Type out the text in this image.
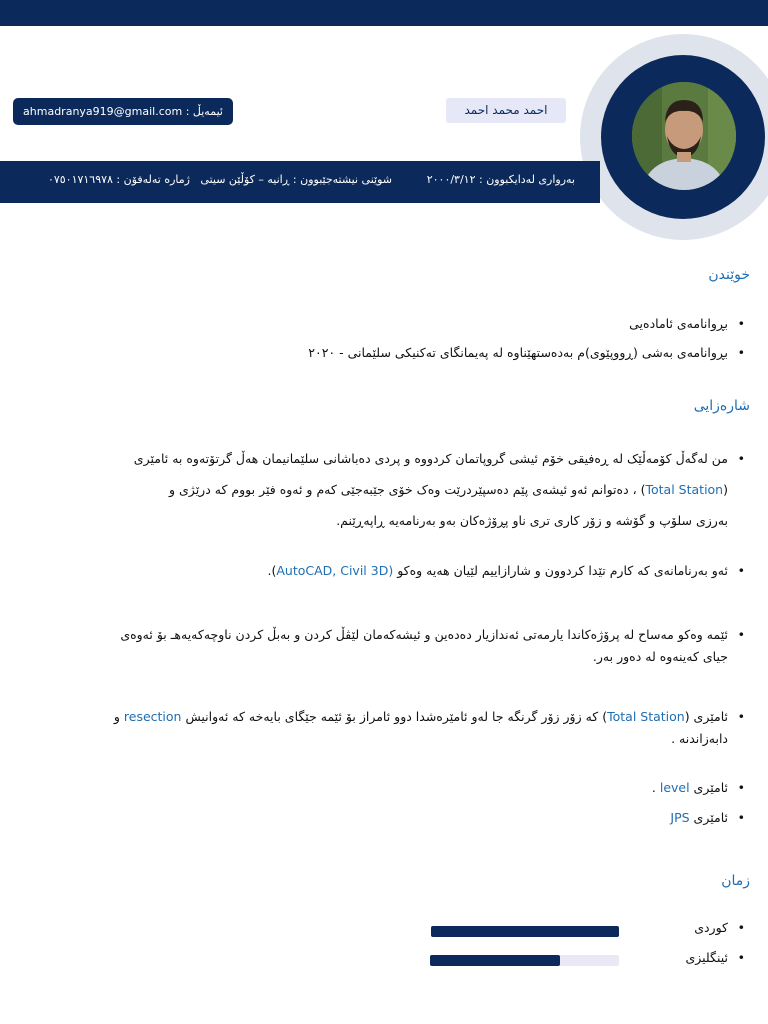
احمد محمد احمد
ئیمەیڵ : ahmadranya919@gmail.com
بەرواری لەدایکبوون : ٢٠٠٠/٣/١٢
شوێنی نیشتەجێبوون : ڕانیە – کۆڵێن سیتی
ژمارە تەلەفۆن : ٠٧٥٠١٧١٦٩٧٨
خوێندن
•
بڕوانامەی ئامادەیی
•
بڕوانامەی بەشی (ڕووپێوی)م بەدەستهێناوە لە پەیمانگای تەکنیکی سلێمانی - ٢٠٢٠
شارەزایی
•
من لەگەڵ کۆمەڵێک لە ڕەفیقی خۆم ئیشی گروپاتمان کردووە و پردی دەباشانی سلێمانیمان هەڵ گرتۆتەوە بە ئامێری
(Total Station) ، دەتوانم ئەو ئیشەی پێم دەسپێردرێت وەک خۆی جێبەجێی کەم و ئەوە فێر بووم کە درێژی و
بەرزی سلۆپ و گۆشە و زۆر کاری تری ناو پڕۆژەکان بەو بەرنامەیە ڕاپەڕێنم.
•
ئەو بەرنامانەی کە کارم تێدا کردوون و شارازاییم لێیان هەیە وەکو (AutoCAD, Civil 3D).
•
ئێمە وەکو مەساح لە پرۆژەکاندا یارمەتی ئەندازیار دەدەین و ئیشەکەمان لێڤڵ کردن و بەبڵ کردن ناوچەکەیەهـ بۆ ئەوەی
جیای کەینەوە لە دەور بەر.
•
ئامێری (Total Station) کە زۆر زۆر گرنگە جا لەو ئامێرەشدا دوو ئامراز بۆ ئێمە جێگای بایەخە کە ئەوانیش resection و
دابەزاندنە .
•
ئامێری level .
•
ئامێری JPS
زمان
•
کوردی
•
ئینگلیزی
